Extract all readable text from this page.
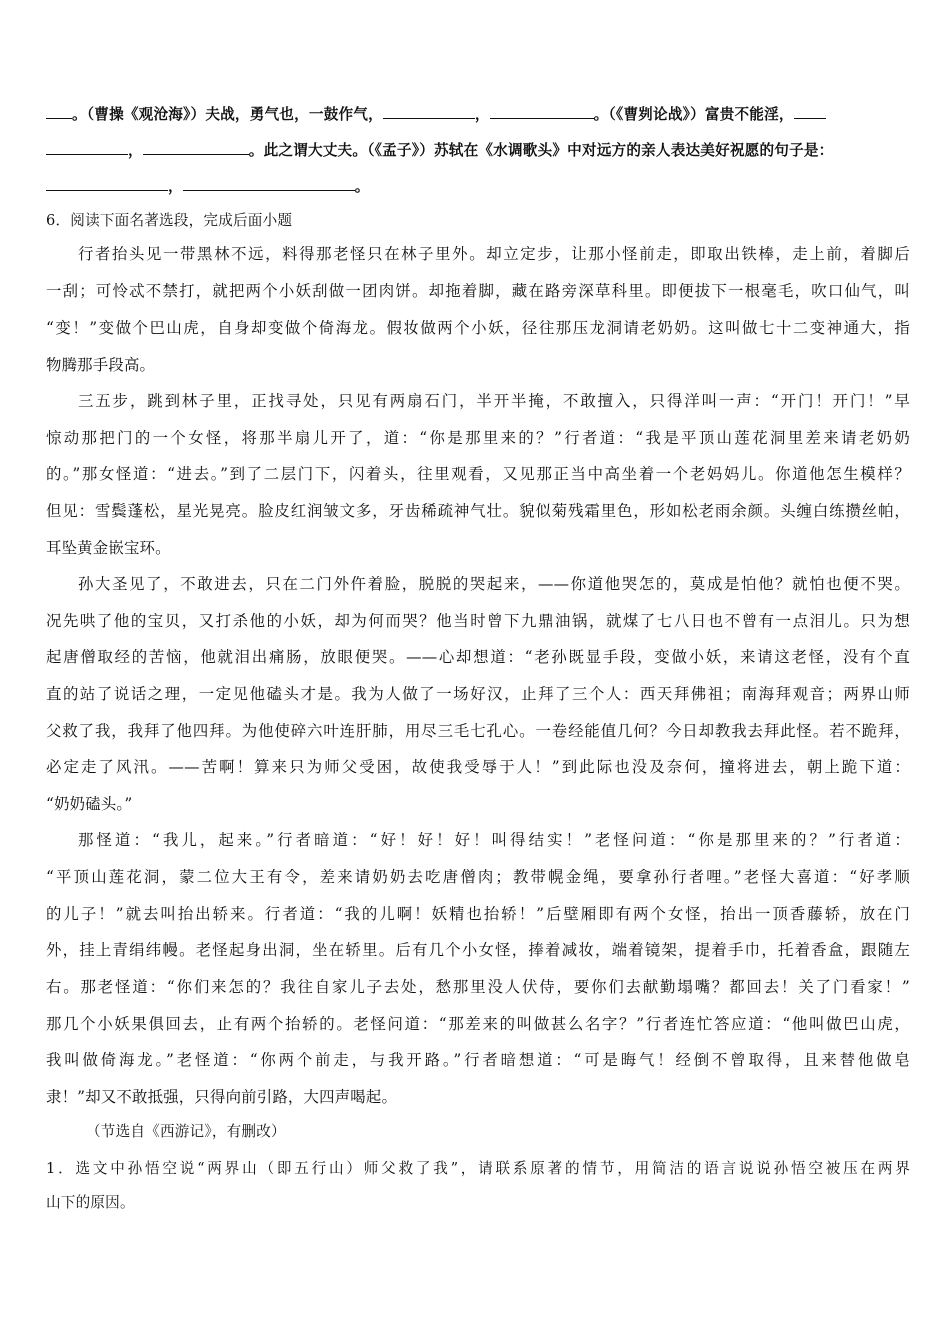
。（曹操《观沧海》）夫战，勇气也，一鼓作气，	，	。（《曹刿论战》）富贵不能淫，
，	。此之谓大丈夫。（《孟子》）苏轼在《水调歌头》中对远方的亲人表达美好祝愿的句子是：
，	。
6．阅读下面名著选段，完成后面小题
行者抬头见一带黑林不远，料得那老怪只在林子里外。却立定步，让那小怪前走，即取出铁棒，走上前，着脚后
一刮；可怜忒不禁打，就把两个小妖刮做一团肉饼。却拖着脚，藏在路旁深草科里。即便拔下一根毫毛，吹口仙气，叫
“变！”变做个巴山虎，自身却变做个倚海龙。假妆做两个小妖，径往那压龙洞请老奶奶。这叫做七十二变神通大，指
物腾那手段高。
三五步，跳到林子里，正找寻处，只见有两扇石门，半开半掩，不敢擅入，只得洋叫一声：“开门！开门！”早
惊动那把门的一个女怪，将那半扇儿开了，道：“你是那里来的？”行者道：“我是平顶山莲花洞里差来请老奶奶
的。”那女怪道：“进去。”到了二层门下，闪着头，往里观看，又见那正当中高坐着一个老妈妈儿。你道他怎生模样？
但见：雪鬓蓬松，星光晃亮。脸皮红润皱文多，牙齿稀疏神气壮。貌似菊残霜里色，形如松老雨余颜。头缠白练攒丝帕，
耳坠黄金嵌宝环。
孙大圣见了，不敢进去，只在二门外仵着脸，脱脱的哭起来，——你道他哭怎的，莫成是怕他？就怕也便不哭。
况先哄了他的宝贝，又打杀他的小妖，却为何而哭？他当时曾下九鼎油锅，就煤了七八日也不曾有一点泪儿。只为想
起唐僧取经的苦恼，他就泪出痛肠，放眼便哭。——心却想道：“老孙既显手段，变做小妖，来请这老怪，没有个直
直的站了说话之理，一定见他磕头才是。我为人做了一场好汉，止拜了三个人：西天拜佛祖；南海拜观音；两界山师
父救了我，我拜了他四拜。为他使碎六叶连肝肺，用尽三毛七孔心。一卷经能值几何？今日却教我去拜此怪。若不跪拜，
必定走了风汛。——苦啊！算来只为师父受困，故使我受辱于人！”到此际也没及奈何，撞将进去，朝上跪下道：
“奶奶磕头。”
那怪道：“我儿，起来。”行者暗道：“好！好！好！叫得结实！”老怪问道：“你是那里来的？”行者道：
“平顶山莲花洞，蒙二位大王有令，差来请奶奶去吃唐僧肉；教带幌金绳，要拿孙行者哩。”老怪大喜道：“好孝顺
的儿子！”就去叫抬出轿来。行者道：“我的儿啊！妖精也抬轿！”后壁厢即有两个女怪，抬出一顶香藤轿，放在门
外，挂上青绢纬幔。老怪起身出洞，坐在轿里。后有几个小女怪，捧着减妆，端着镜架，提着手巾，托着香盒，跟随左
右。那老怪道：“你们来怎的？我往自家儿子去处，愁那里没人伏侍，要你们去献勤塌嘴？都回去！关了门看家！”
那几个小妖果俱回去，止有两个抬轿的。老怪问道：“那差来的叫做甚么名字？”行者连忙答应道：“他叫做巴山虎，
我叫做倚海龙。”老怪道：“你两个前走，与我开路。”行者暗想道：“可是晦气！经倒不曾取得，且来替他做皂
隶！”却又不敢抵强，只得向前引路，大四声喝起。
（节选自《西游记》，有删改）
1．选文中孙悟空说“两界山（即五行山）师父救了我”，请联系原著的情节，用简洁的语言说说孙悟空被压在两界
山下的原因。
